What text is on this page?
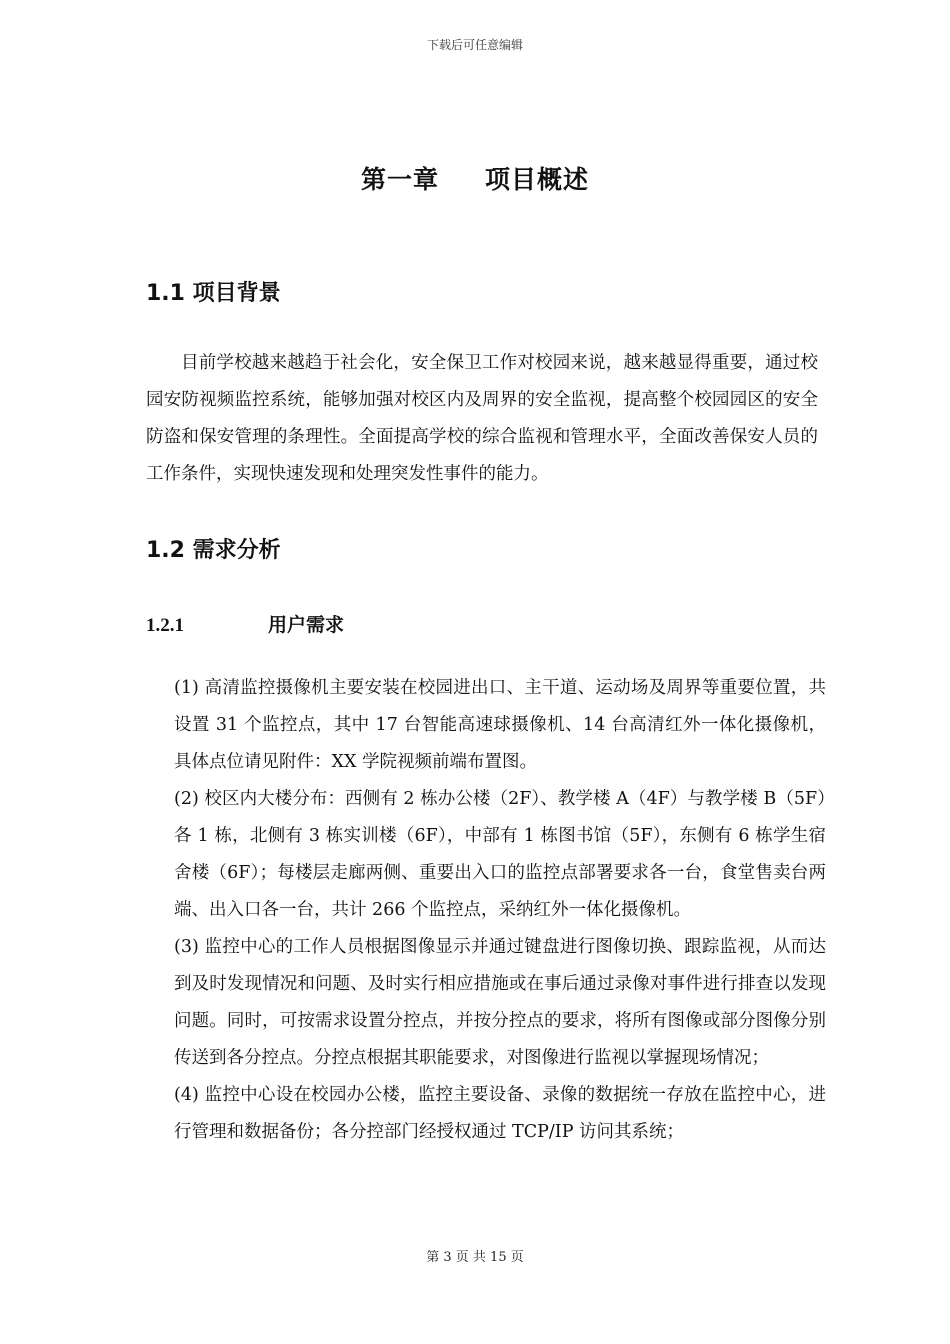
下载后可任意编辑
第一章 项目概述
1.1 项目背景

目前学校越来越趋于社会化，安全保卫工作对校园来说，越来越显得重要，通过校园安防视频监控系统，能够加强对校区内及周界的安全监视，提高整个校园园区的安全防盗和保安管理的条理性。全面提高学校的综合监视和管理水平，全面改善保安人员的工作条件，实现快速发现和处理突发性事件的能力。

1.2 需求分析
1.2.1	用户需求
(1) 高清监控摄像机主要安装在校园进出口、主干道、运动场及周界等重要位置，共设置 31 个监控点，其中 17 台智能高速球摄像机、14 台高清红外一体化摄像机，具体点位请见附件：XX 学院视频前端布置图。
(2) 校区内大楼分布：西侧有 2 栋办公楼（2F）、教学楼 A（4F）与教学楼 B（5F）各 1 栋，北侧有 3 栋实训楼（6F），中部有 1 栋图书馆（5F），东侧有 6 栋学生宿舍楼（6F）；每楼层走廊两侧、重要出入口的监控点部署要求各一台，食堂售卖台两端、出入口各一台，共计 266 个监控点，采纳红外一体化摄像机。
(3) 监控中心的工作人员根据图像显示并通过键盘进行图像切换、跟踪监视，从而达到及时发现情况和问题、及时实行相应措施或在事后通过录像对事件进行排查以发现问题。同时，可按需求设置分控点，并按分控点的要求，将所有图像或部分图像分别传送到各分控点。分控点根据其职能要求，对图像进行监视以掌握现场情况；
(4) 监控中心设在校园办公楼，监控主要设备、录像的数据统一存放在监控中心，进行管理和数据备份；各分控部门经授权通过 TCP/IP 访问其系统；
第 3 页 共 15 页
